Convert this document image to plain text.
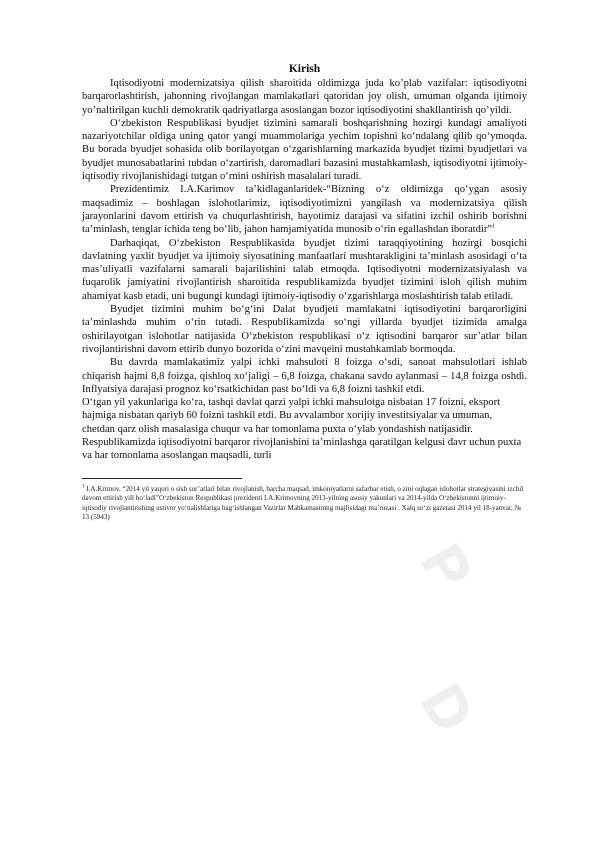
P
D
F
P
D
Kirish

Iqtisodiyotni modernizatsiya qilish sharoitida oldimizga juda ko’plab vazifalar: iqtisodiyotni barqarorlashtirish, jahonning rivojlangan mamlakatlari qatoridan joy olish, umuman olganda ijtimoiy yo’naltirilgan kuchli demokratik qadriyatlarga asoslangan bozor iqtisodiyotini shakllantirish qo’yildi.

O‘zbekiston Respublikasi byudjet tizimini samarali boshqarishning hozirgi kundagi amaliyoti nazariyotchilar oldiga uning qator yangi muammolariga yechim topishni ko‘ndalang qilib qo‘ymoqda. Bu borada byudjet sohasida olib borilayotgan o‘zgarishlarning markazida byudjet tizimi byudjetlari va byudjet munosabatlarini tubdan o‘zartirish, daromadlari bazasini mustahkamlash, iqtisodiyotni ijtimoiy-iqtisodiy rivojlanishidagi tutgan o‘rnini oshirish masalalari turadi.

Prezidentimiz I.A.Karimov ta’kidlaganlaridek-“Bizning o‘z oldimizga qo‘ygan asosiy maqsadimiz – boshlagan islohotlarimiz, iqtisodiyotimizni yangilash va modernizatsiya qilish jarayonlarini davom ettirish va chuqurlashtirish, hayotimiz darajasi va sifatini izchil oshirib borishni ta’minlash, tenglar ichida teng bo‘lib, jahon hamjamiyatida munosib o‘rin egallashdan iboratdir”$^1$

Darhaqiqat, O‘zbekiston Respublikasida byudjet tizimi taraqqiyotining hozirgi bosqichi davlatning yaxlit byudjet va ijtimoiy siyosatining manfaatlari mushtarakligini ta’minlash asosidagi o‘ta mas’uliyatli vazifalarni samarali bajarilishini talab etmoqda. Iqtisodiyotni modernizatsiyalash va fuqarolik jamiyatini rivojlantirish sharoitida respublikamizda byudjet tizimini isloh qilish muhim ahamiyat kasb etadi, uni bugungi kundagi ijtimoiy-iqtisodiy o‘zgarishlarga moslashtirish talab etiladi.

Byudjet tizimini muhim bo‘g‘ini Dalat byudjeti mamlakatni iqtisodiyotini barqarorligini ta’minlashda muhim o‘rin tutadi. Respublikamizda so‘ngi yillarda byudjet tizimida amalga oshirilayotgan islohotlar natijasida O‘zbekiston respublikasi o‘z iqtisodini barqaror sur’atlar bilan rivojlantirishni davom ettirib dunyo bozorida o‘zini mavqeini mustahkamlab bormoqda.

Bu davrda mamlakatimiz yalpi ichki mahsuloti 8 foizga o‘sdi, sanoat mahsulotlari ishlab chiqarish hajmi 8,8 foizga, qishloq xo‘jaligi – 6,8 foizga, chakana savdo aylanmasi – 14,8 foizga oshdi. Inflyatsiya darajasi prognoz ko‘rsatkichidan past bo‘ldi va 6,8 foizni tashkil etdi.

O‘tgan yil yakunlariga ko‘ra, tashqi davlat qarzi yalpi ichki mahsulotga nisbatan 17 foizni, eksport hajmiga nisbatan qariyb 60 foizni tashkil etdi. Bu avvalambor xorijiy investitsiyalar va umuman, chetdan qarz olish masalasiga chuqur va har tomonlama puxta o‘ylab yondashish natijasidir.

Respublikamizda iqtisodiyotni barqaror rivojlanishini ta’minlashga qaratilgan kelgusi davr uchun puxta va har tomonlama asoslangan maqsadli, turli

$^1$ I.A.Krimov. “2014 yil yaqori o sish sur’atlari bilan rivojlanish, barcha maqsad, imkoniyatlarni safarbar etish, o zini oqlagan islohotlar strategiyasini izchil davom ettirish yili bo‘ladi”O‘zbekiston Respublikasi prezidenti I.A.Krimovning 2013-yilning asosiy yakunlari va 2014-yilda O‘zbekistonni ijtimoiy-iqtisodiy rivojlantirishing ustivor yo‘nalishlariga bag‘ishlangan Vazirlar Mahkamasining majlisidagi ma’ruzasi . Xalq so‘zi gazetasi 2014 yil 18-yanvar, № 13 (5943)
